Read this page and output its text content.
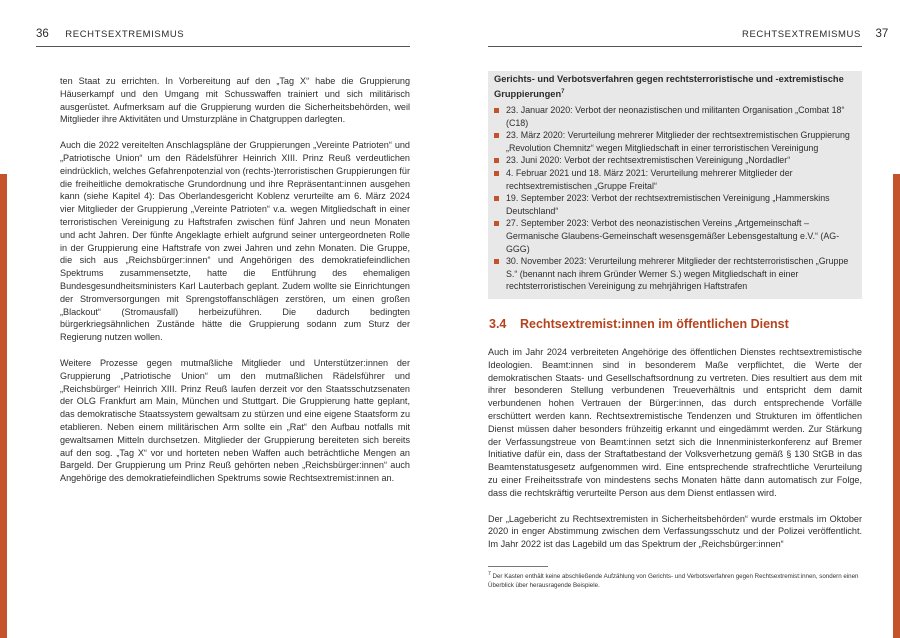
36 RECHTSEXTREMISMUS

ten Staat zu errichten. In Vorbereitung auf den „Tag X“ habe die Gruppierung Häuserkampf und den Umgang mit Schusswaffen trainiert und sich militärisch ausgerüstet. Aufmerksam auf die Gruppierung wurden die Sicherheitsbehörden, weil Mitglieder ihre Aktivitäten und Umsturzpläne in Chatgruppen darlegten.

Auch die 2022 vereitelten Anschlagspläne der Gruppierungen „Vereinte Patrioten“ und „Patriotische Union“ um den Rädelsführer Heinrich XIII. Prinz Reuß verdeutlichen eindrücklich, welches Gefahrenpotenzial von (rechts-)terroristischen Gruppierungen für die freiheitliche demokratische Grundordnung und ihre Repräsentant:innen ausgehen kann (siehe Kapitel 4): Das Oberlandesgericht Koblenz verurteilte am 6. März 2024 vier Mitglieder der Gruppierung „Vereinte Patrioten“ v.a. wegen Mitgliedschaft in einer terroristischen Vereinigung zu Haftstrafen zwischen fünf Jahren und neun Monaten und acht Jahren. Der fünfte Angeklagte erhielt aufgrund seiner untergeordneten Rolle in der Gruppierung eine Haftstrafe von zwei Jahren und zehn Monaten. Die Gruppe, die sich aus „Reichsbürger:innen“ und Angehörigen des demokratiefeindlichen Spektrums zusammensetzte, hatte die Entführung des ehemaligen Bundesgesundheitsministers Karl Lauterbach geplant. Zudem wollte sie Einrichtungen der Stromversorgungen mit Sprengstoffanschlägen zerstören, um einen großen „Blackout“ (Stromausfall) herbeizuführen. Die dadurch bedingten bürgerkriegsähnlichen Zustände hätte die Gruppierung sodann zum Sturz der Regierung nutzen wollen.

Weitere Prozesse gegen mutmaßliche Mitglieder und Unterstützer:innen der Gruppierung „Patriotische Union“ um den mutmaßlichen Rädelsführer und „Reichsbürger“ Heinrich XIII. Prinz Reuß laufen derzeit vor den Staatsschutzsenaten der OLG Frankfurt am Main, München und Stuttgart. Die Gruppierung hatte geplant, das demokratische Staatssystem gewaltsam zu stürzen und eine eigene Staatsform zu etablieren. Neben einem militärischen Arm sollte ein „Rat“ den Aufbau notfalls mit gewaltsamen Mitteln durchsetzen. Mitglieder der Gruppierung bereiteten sich bereits auf den sog. „Tag X“ vor und horteten neben Waffen auch beträchtliche Mengen an Bargeld. Der Gruppierung um Prinz Reuß gehörten neben „Reichsbürger:innen“ auch Angehörige des demokratiefeindlichen Spektrums sowie Rechtsextremist:innen an.

RECHTSEXTREMISMUS 37
Gerichts- und Verbotsverfahren gegen rechtsterroristische und -extremistische Gruppierungen$^7$
23. Januar 2020: Verbot der neonazistischen und militanten Organisation „Combat 18“ (C18)
23. März 2020: Verurteilung mehrerer Mitglieder der rechtsextremistischen Gruppierung „Revolution Chemnitz“ wegen Mitgliedschaft in einer terroristischen Vereinigung
23. Juni 2020: Verbot der rechtsextremistischen Vereinigung „Nordadler“
4. Februar 2021 und 18. März 2021: Verurteilung mehrerer Mitglieder der rechtsextremistischen „Gruppe Freital“
19. September 2023: Verbot der rechtsextremistischen Vereinigung „Hammerskins Deutschland“
27. September 2023: Verbot des neonazistischen Vereins „Artgemeinschaft – Germanische Glaubens-Gemeinschaft wesensgemäßer Lebensgestaltung e.V.“ (AG-GGG)
30. November 2023: Verurteilung mehrerer Mitglieder der rechtsterroristischen „Gruppe S.“ (benannt nach ihrem Gründer Werner S.) wegen Mitgliedschaft in einer rechtsterroristischen Vereinigung zu mehrjährigen Haftstrafen
3.4 Rechtsextremist:innen im öffentlichen Dienst

Auch im Jahr 2024 verbreiteten Angehörige des öffentlichen Dienstes rechtsextremistische Ideologien. Beamt:innen sind in besonderem Maße verpflichtet, die Werte der demokratischen Staats- und Gesellschaftsordnung zu vertreten. Dies resultiert aus dem mit ihrer besonderen Stellung verbundenen Treueverhältnis und entspricht dem damit verbundenen hohen Vertrauen der Bürger:innen, das durch entsprechende Vorfälle erschüttert werden kann. Rechtsextremistische Tendenzen und Strukturen im öffentlichen Dienst müssen daher besonders frühzeitig erkannt und eingedämmt werden. Zur Stärkung der Verfassungstreue von Beamt:innen setzt sich die Innenministerkonferenz auf Bremer Initiative dafür ein, dass der Straftatbestand der Volksverhetzung gemäß § 130 StGB in das Beamtenstatusgesetz aufgenommen wird. Eine entsprechende strafrechtliche Verurteilung zu einer Freiheitsstrafe von mindestens sechs Monaten hätte dann automatisch zur Folge, dass die rechtskräftig verurteilte Person aus dem Dienst entlassen wird.

Der „Lagebericht zu Rechtsextremisten in Sicherheitsbehörden“ wurde erstmals im Oktober 2020 in enger Abstimmung zwischen dem Verfassungsschutz und der Polizei veröffentlicht. Im Jahr 2022 ist das Lagebild um das Spektrum der „Reichsbürger:innen“

$^7$ Der Kasten enthält keine abschließende Aufzählung von Gerichts- und Verbotsverfahren gegen Rechtsextremist:innen, sondern einen Überblick über herausragende Beispiele.
